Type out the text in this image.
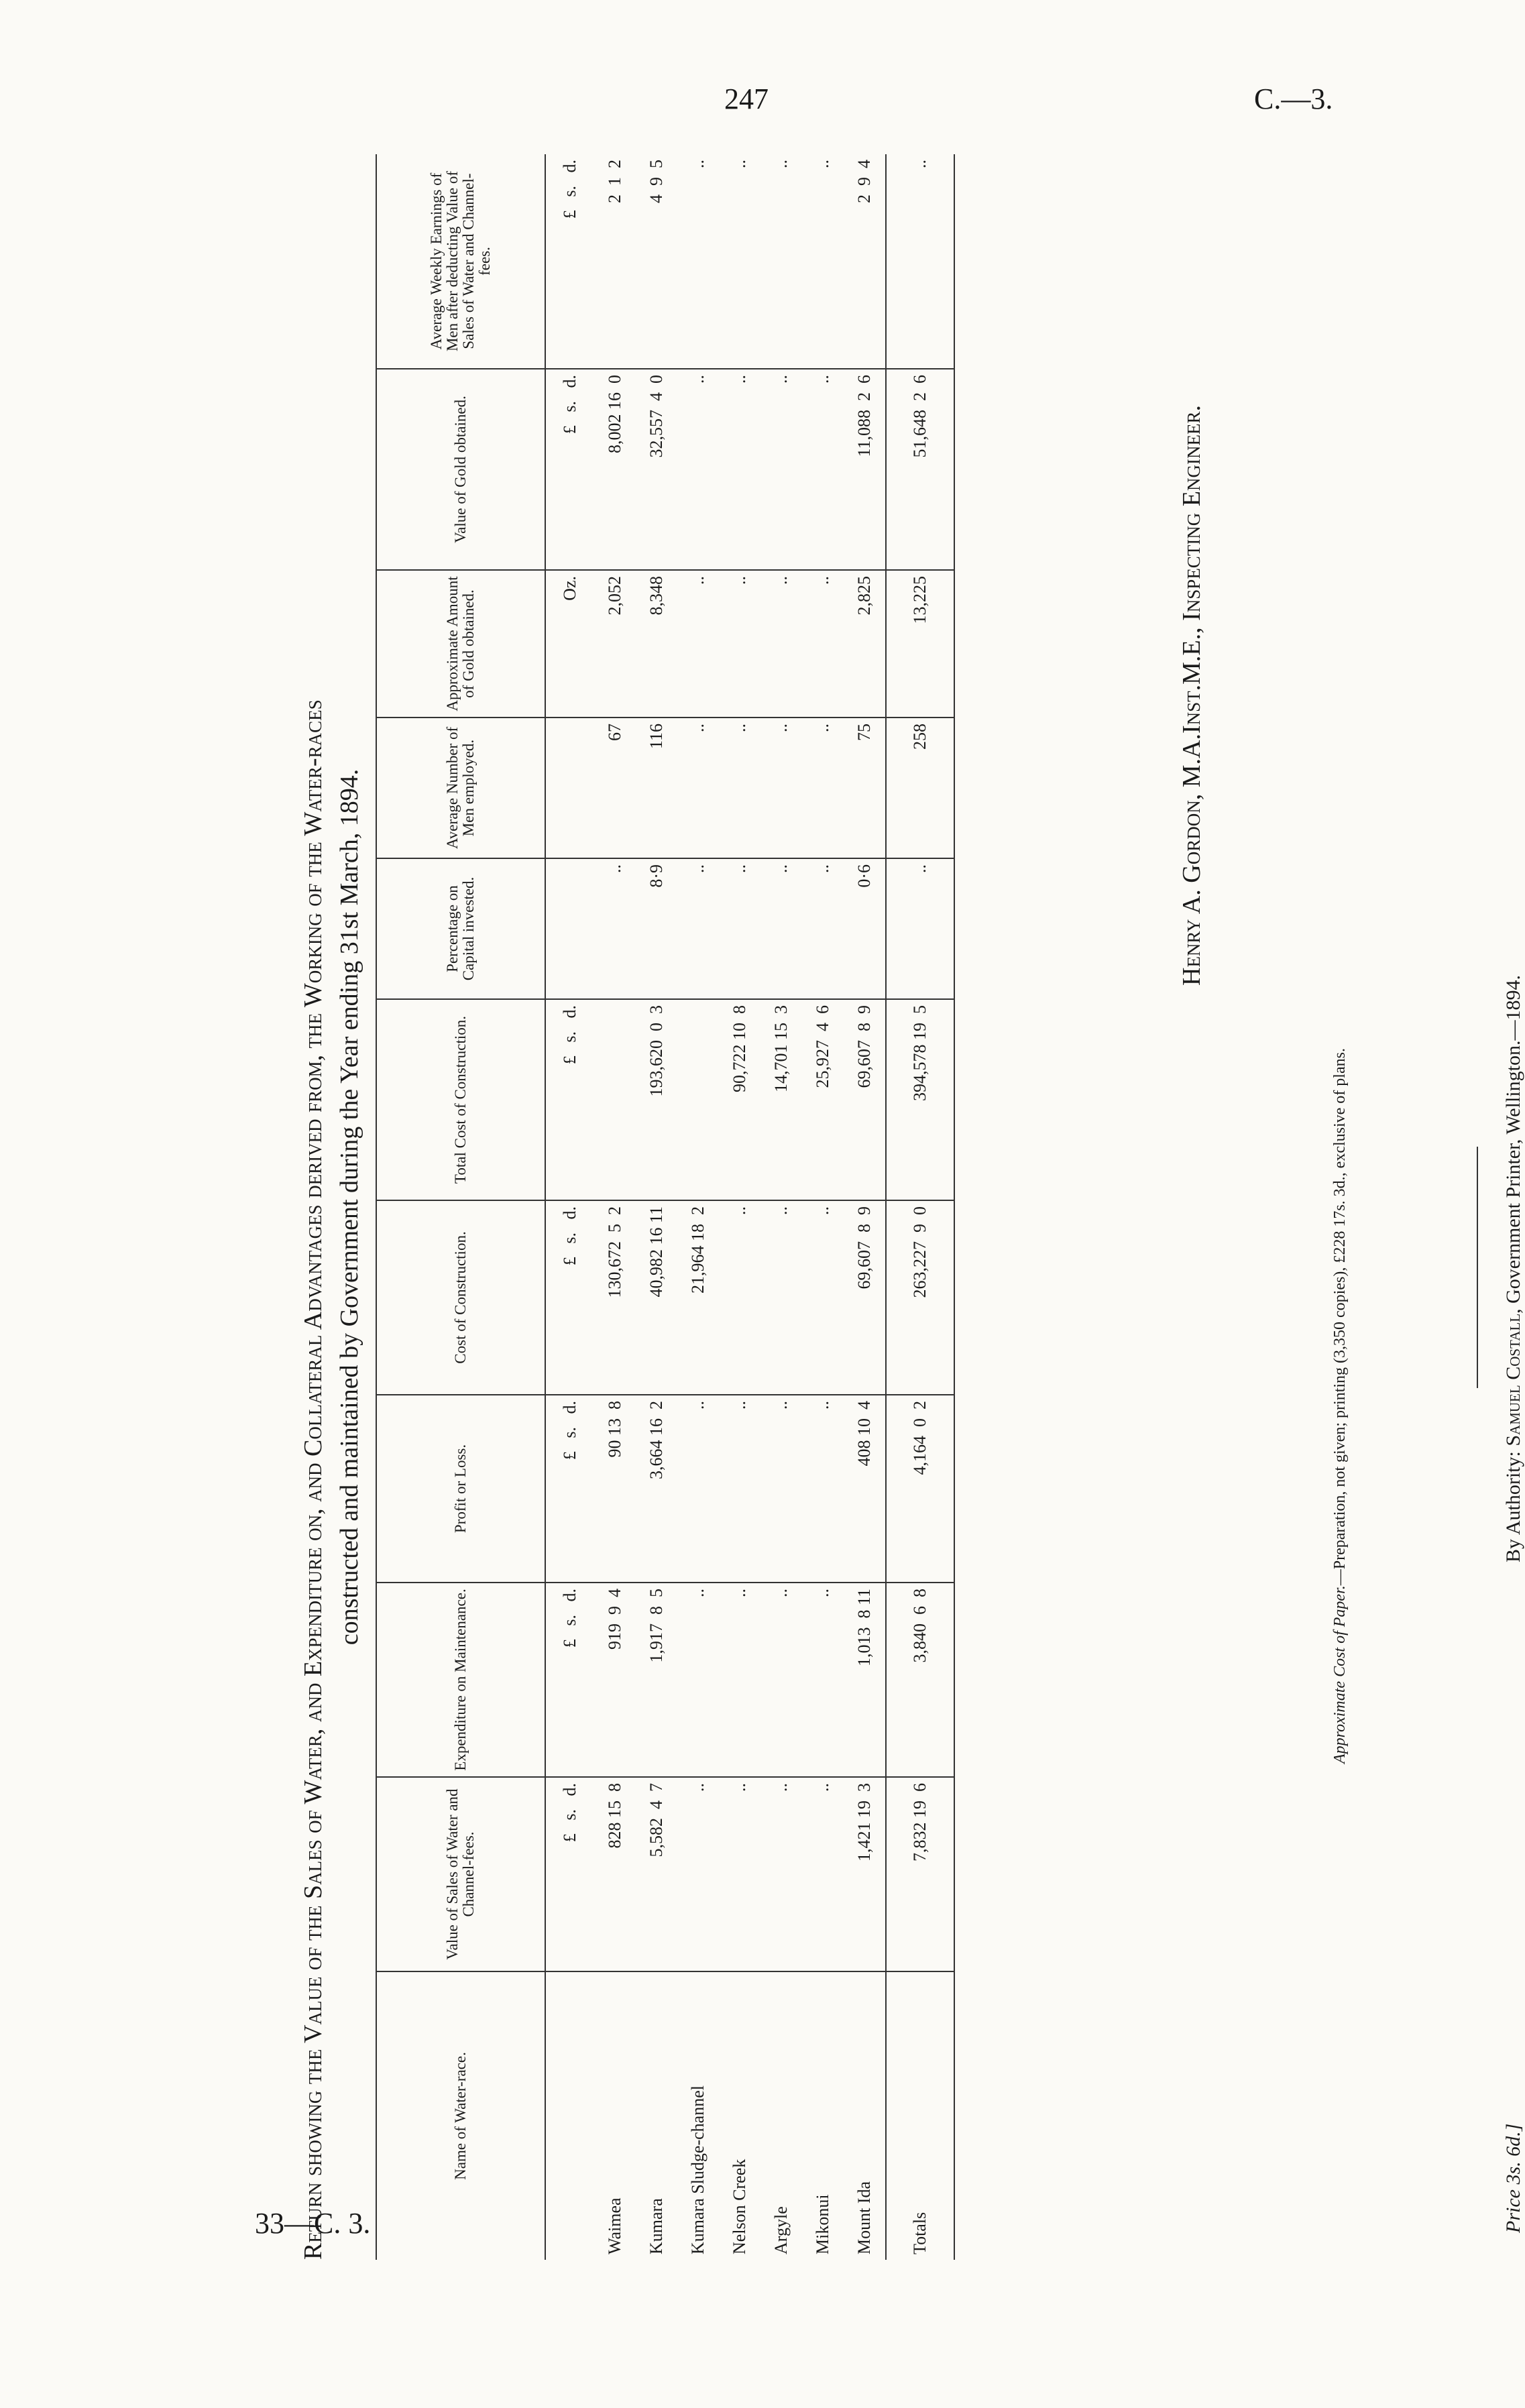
247	C.—3.
33—C. 3.
Return showing the Value of the Sales of Water, and Expenditure on, and Collateral Advantages derived from, the Working of the Water-races constructed and maintained by Government during the Year ending 31st March, 1894.
Name of Water-race.	Value of Sales of Water and Channel-fees.	Expenditure on Maintenance.	Profit or Loss.	Cost of Construction.	Total Cost of Construction.	Percentage on Capital invested.	Average Number of Men employed.	Approximate Amount of Gold obtained.	Value of Gold obtained.	Average Weekly Earnings of Men after deducting Value of Sales of Water and Channel-fees.
	£   s.   d.	£   s.   d.	£   s.   d.	£   s.   d.	£   s.   d.			Oz.	£   s.   d.	£   s.   d.
Waimea	828 15  8	919  9  4	90 13  8	130,672  5  2		..	67	2,052	8,002 16  0	2  1  2
Kumara	5,582  4  7	1,917  8  5	3,664 16  2	40,982 16 11	193,620  0  3	8·9	116	8,348	32,557  4  0	4  9  5
Kumara Sludge-channel	..	..	..	21,964 18  2		..	..	..	..	..
Nelson Creek	..	..	..	..	90,722 10  8	..	..	..	..	..
Argyle	..	..	..	..	14,701 15  3	..	..	..	..	..
Mikonui	..	..	..	..	25,927  4  6	..	..	..	..	..
Mount Ida	1,421 19  3	1,013  8 11	408 10  4	69,607  8  9	69,607  8  9	0·6	75	2,825	11,088  2  6	2  9  4
Totals	7,832 19  6	3,840  6  8	4,164  0  2	263,227  9  0	394,578 19  5	..	258	13,225	51,648  2  6	..
Henry A. Gordon, M.A.Inst.M.E., Inspecting Engineer.
Approximate Cost of Paper.—Preparation, not given; printing (3,350 copies), £228 17s. 3d., exclusive of plans.	By Authority: Samuel Costall, Government Printer, Wellington.—1894.
Price 3s. 6d.]
